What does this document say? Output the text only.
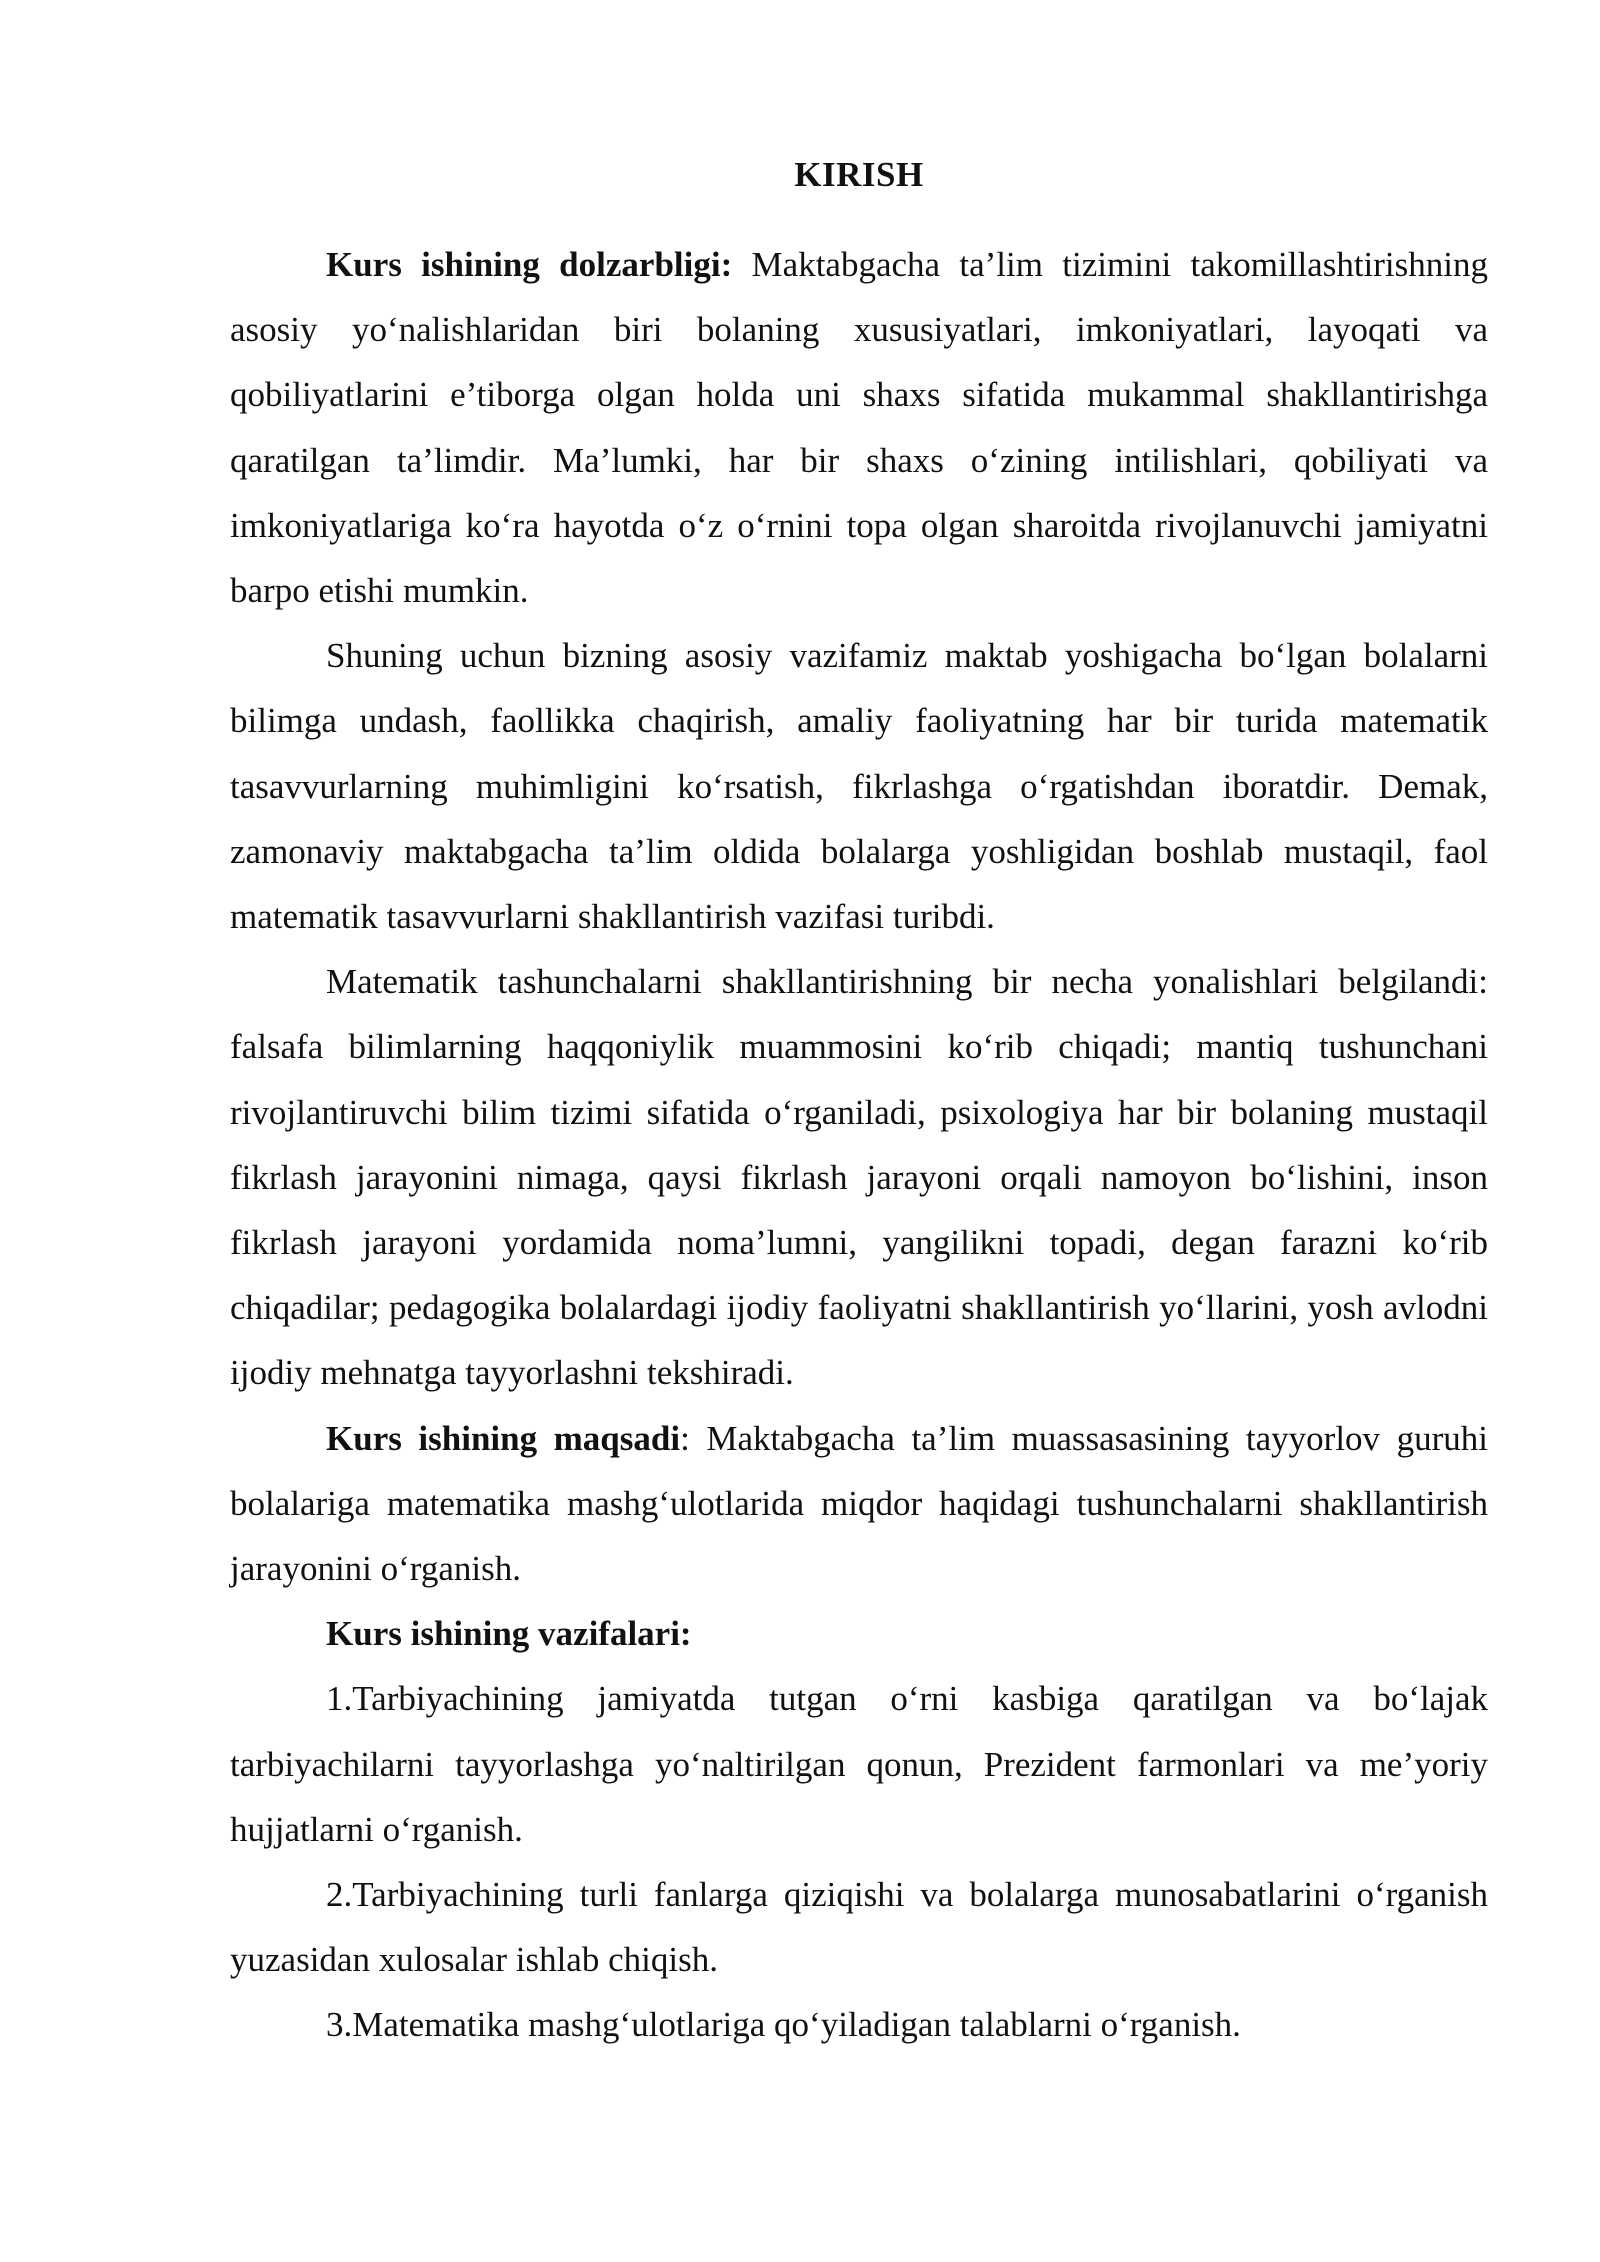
KIRISH

Kurs ishining dolzarbligi: Maktabgacha ta’lim tizimini takomillashtirishning asosiy yo‘nalishlaridan biri bolaning xususiyatlari, imkoniyatlari, layoqati va qobiliyatlarini e’tiborga olgan holda uni shaxs sifatida mukammal shakllantirishga qaratilgan ta’limdir. Ma’lumki, har bir shaxs o‘zining intilishlari, qobiliyati va imkoniyatlariga ko‘ra hayotda o‘z o‘rnini topa olgan sharoitda rivojlanuvchi jamiyatni barpo etishi mumkin.

Shuning uchun bizning asosiy vazifamiz maktab yoshigacha bo‘lgan bolalarni bilimga undash, faollikka chaqirish, amaliy faoliyatning har bir turida matematik tasavvurlarning muhimligini ko‘rsatish, fikrlashga o‘rgatishdan iboratdir. Demak, zamonaviy maktabgacha ta’lim oldida bolalarga yoshligidan boshlab mustaqil, faol matematik tasavvurlarni shakllantirish vazifasi turibdi.

Matematik tashunchalarni shakllantirishning bir necha yonalishlari belgilandi: falsafa bilimlarning haqqoniylik muammosini ko‘rib chiqadi; mantiq tushunchani rivojlantiruvchi bilim tizimi sifatida o‘rganiladi, psixologiya har bir bolaning mustaqil fikrlash jarayonini nimaga, qaysi fikrlash jarayoni orqali namoyon bo‘lishini, inson fikrlash jarayoni yordamida noma’lumni, yangilikni topadi, degan farazni ko‘rib chiqadilar; pedagogika bolalardagi ijodiy faoliyatni shakllantirish yo‘llarini, yosh avlodni ijodiy mehnatga tayyorlashni tekshiradi.

Kurs ishining maqsadi: Maktabgacha ta’lim muassasasining tayyorlov guruhi bolalariga matematika mashg‘ulotlarida miqdor haqidagi tushunchalarni shakllantirish jarayonini o‘rganish.

Kurs ishining vazifalari:

1.Tarbiyachining jamiyatda tutgan o‘rni kasbiga qaratilgan va bo‘lajak tarbiyachilarni tayyorlashga yo‘naltirilgan qonun, Prezident farmonlari va me’yoriy hujjatlarni o‘rganish.

2.Tarbiyachining turli fanlarga qiziqishi va bolalarga munosabatlarini o‘rganish yuzasidan xulosalar ishlab chiqish.

3.Matematika mashg‘ulotlariga qo‘yiladigan talablarni o‘rganish.
